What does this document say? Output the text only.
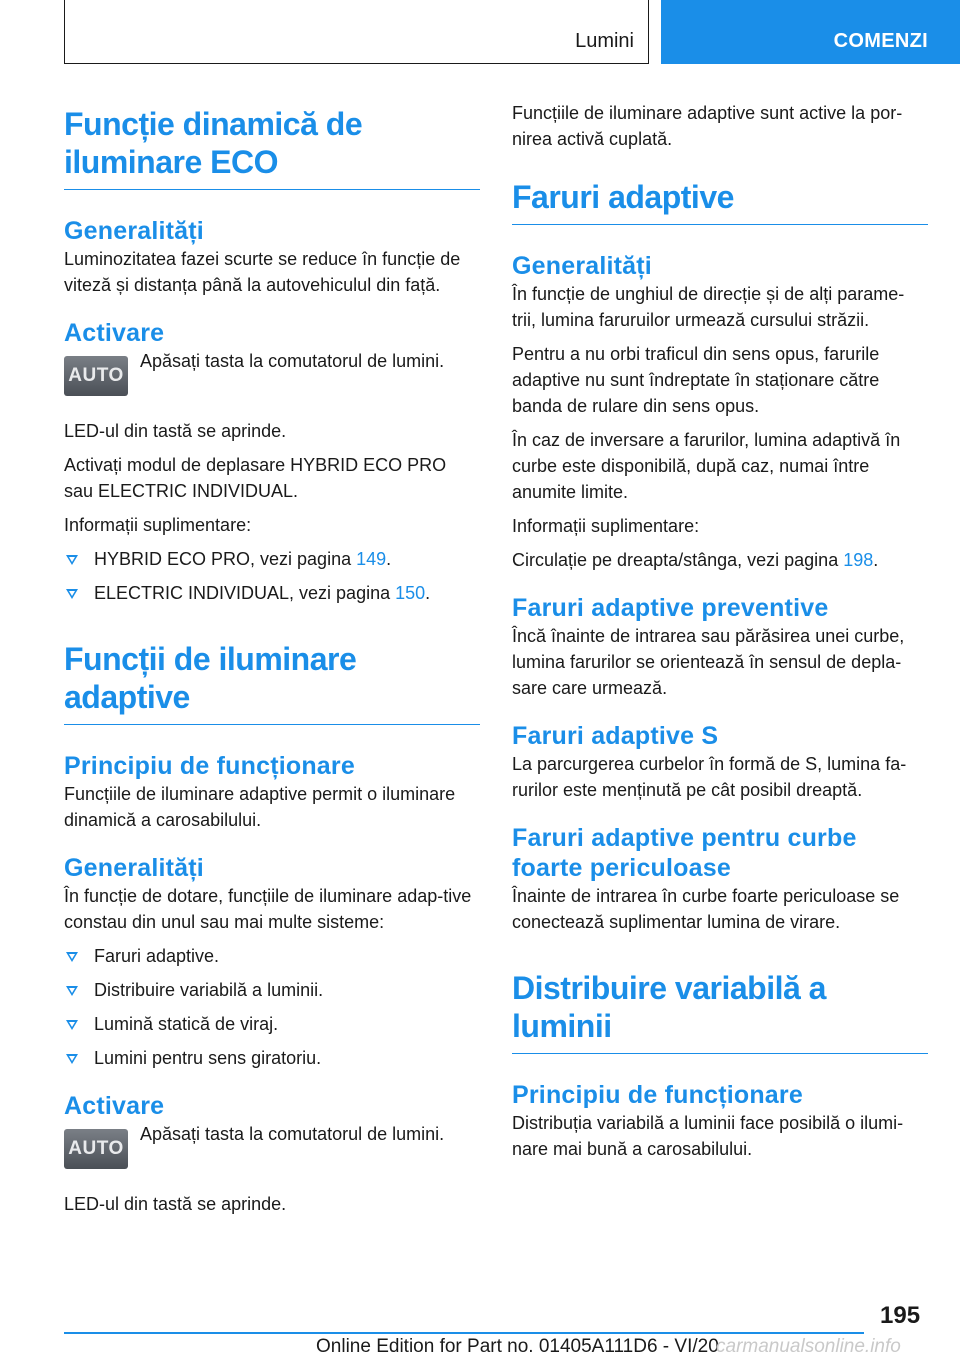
Lumini	COMENZI
Funcție dinamică de iluminare ECO
Generalități

Luminozitatea fazei scurte se reduce în funcție de viteză și distanța până la autovehiculul din față.

Activare
AUTO

Apăsați tasta la comutatorul de lumini.

LED-ul din tastă se aprinde.

Activați modul de deplasare HYBRID ECO PRO sau ELECTRIC INDIVIDUAL.

Informații suplimentare:

HYBRID ECO PRO, vezi pagina 149.
ELECTRIC INDIVIDUAL, vezi pagina 150.
Funcții de iluminare adaptive
Principiu de funcționare

Funcțiile de iluminare adaptive permit o iluminare dinamică a carosabilului.

Generalități

În funcție de dotare, funcțiile de iluminare adap-tive constau din unul sau mai multe sisteme:

Faruri adaptive.
Distribuire variabilă a luminii.
Lumină statică de viraj.
Lumini pentru sens giratoriu.
Activare
AUTO

Apăsați tasta la comutatorul de lumini.

LED-ul din tastă se aprinde.

Funcțiile de iluminare adaptive sunt active la por-nirea activă cuplată.

Faruri adaptive
Generalități

În funcție de unghiul de direcție și de alți parame-trii, lumina faruruilor urmează cursului străzii.

Pentru a nu orbi traficul din sens opus, farurile adaptive nu sunt îndreptate în staționare către banda de rulare din sens opus.

În caz de inversare a farurilor, lumina adaptivă în curbe este disponibilă, după caz, numai între anumite limite.

Informații suplimentare:

Circulație pe dreapta/stânga, vezi pagina 198.

Faruri adaptive preventive

Încă înainte de intrarea sau părăsirea unei curbe, lumina farurilor se orientează în sensul de depla-sare care urmează.

Faruri adaptive S

La parcurgerea curbelor în formă de S, lumina fa-rurilor este menținută pe cât posibil dreaptă.

Faruri adaptive pentru curbe foarte periculoase

Înainte de intrarea în curbe foarte periculoase se conectează suplimentar lumina de virare.

Distribuire variabilă a luminii
Principiu de funcționare

Distribuția variabilă a luminii face posibilă o ilumi-nare mai bună a carosabilului.

195
Online Edition for Part no. 01405A111D6 - VI/20
carmanualsonline.info
